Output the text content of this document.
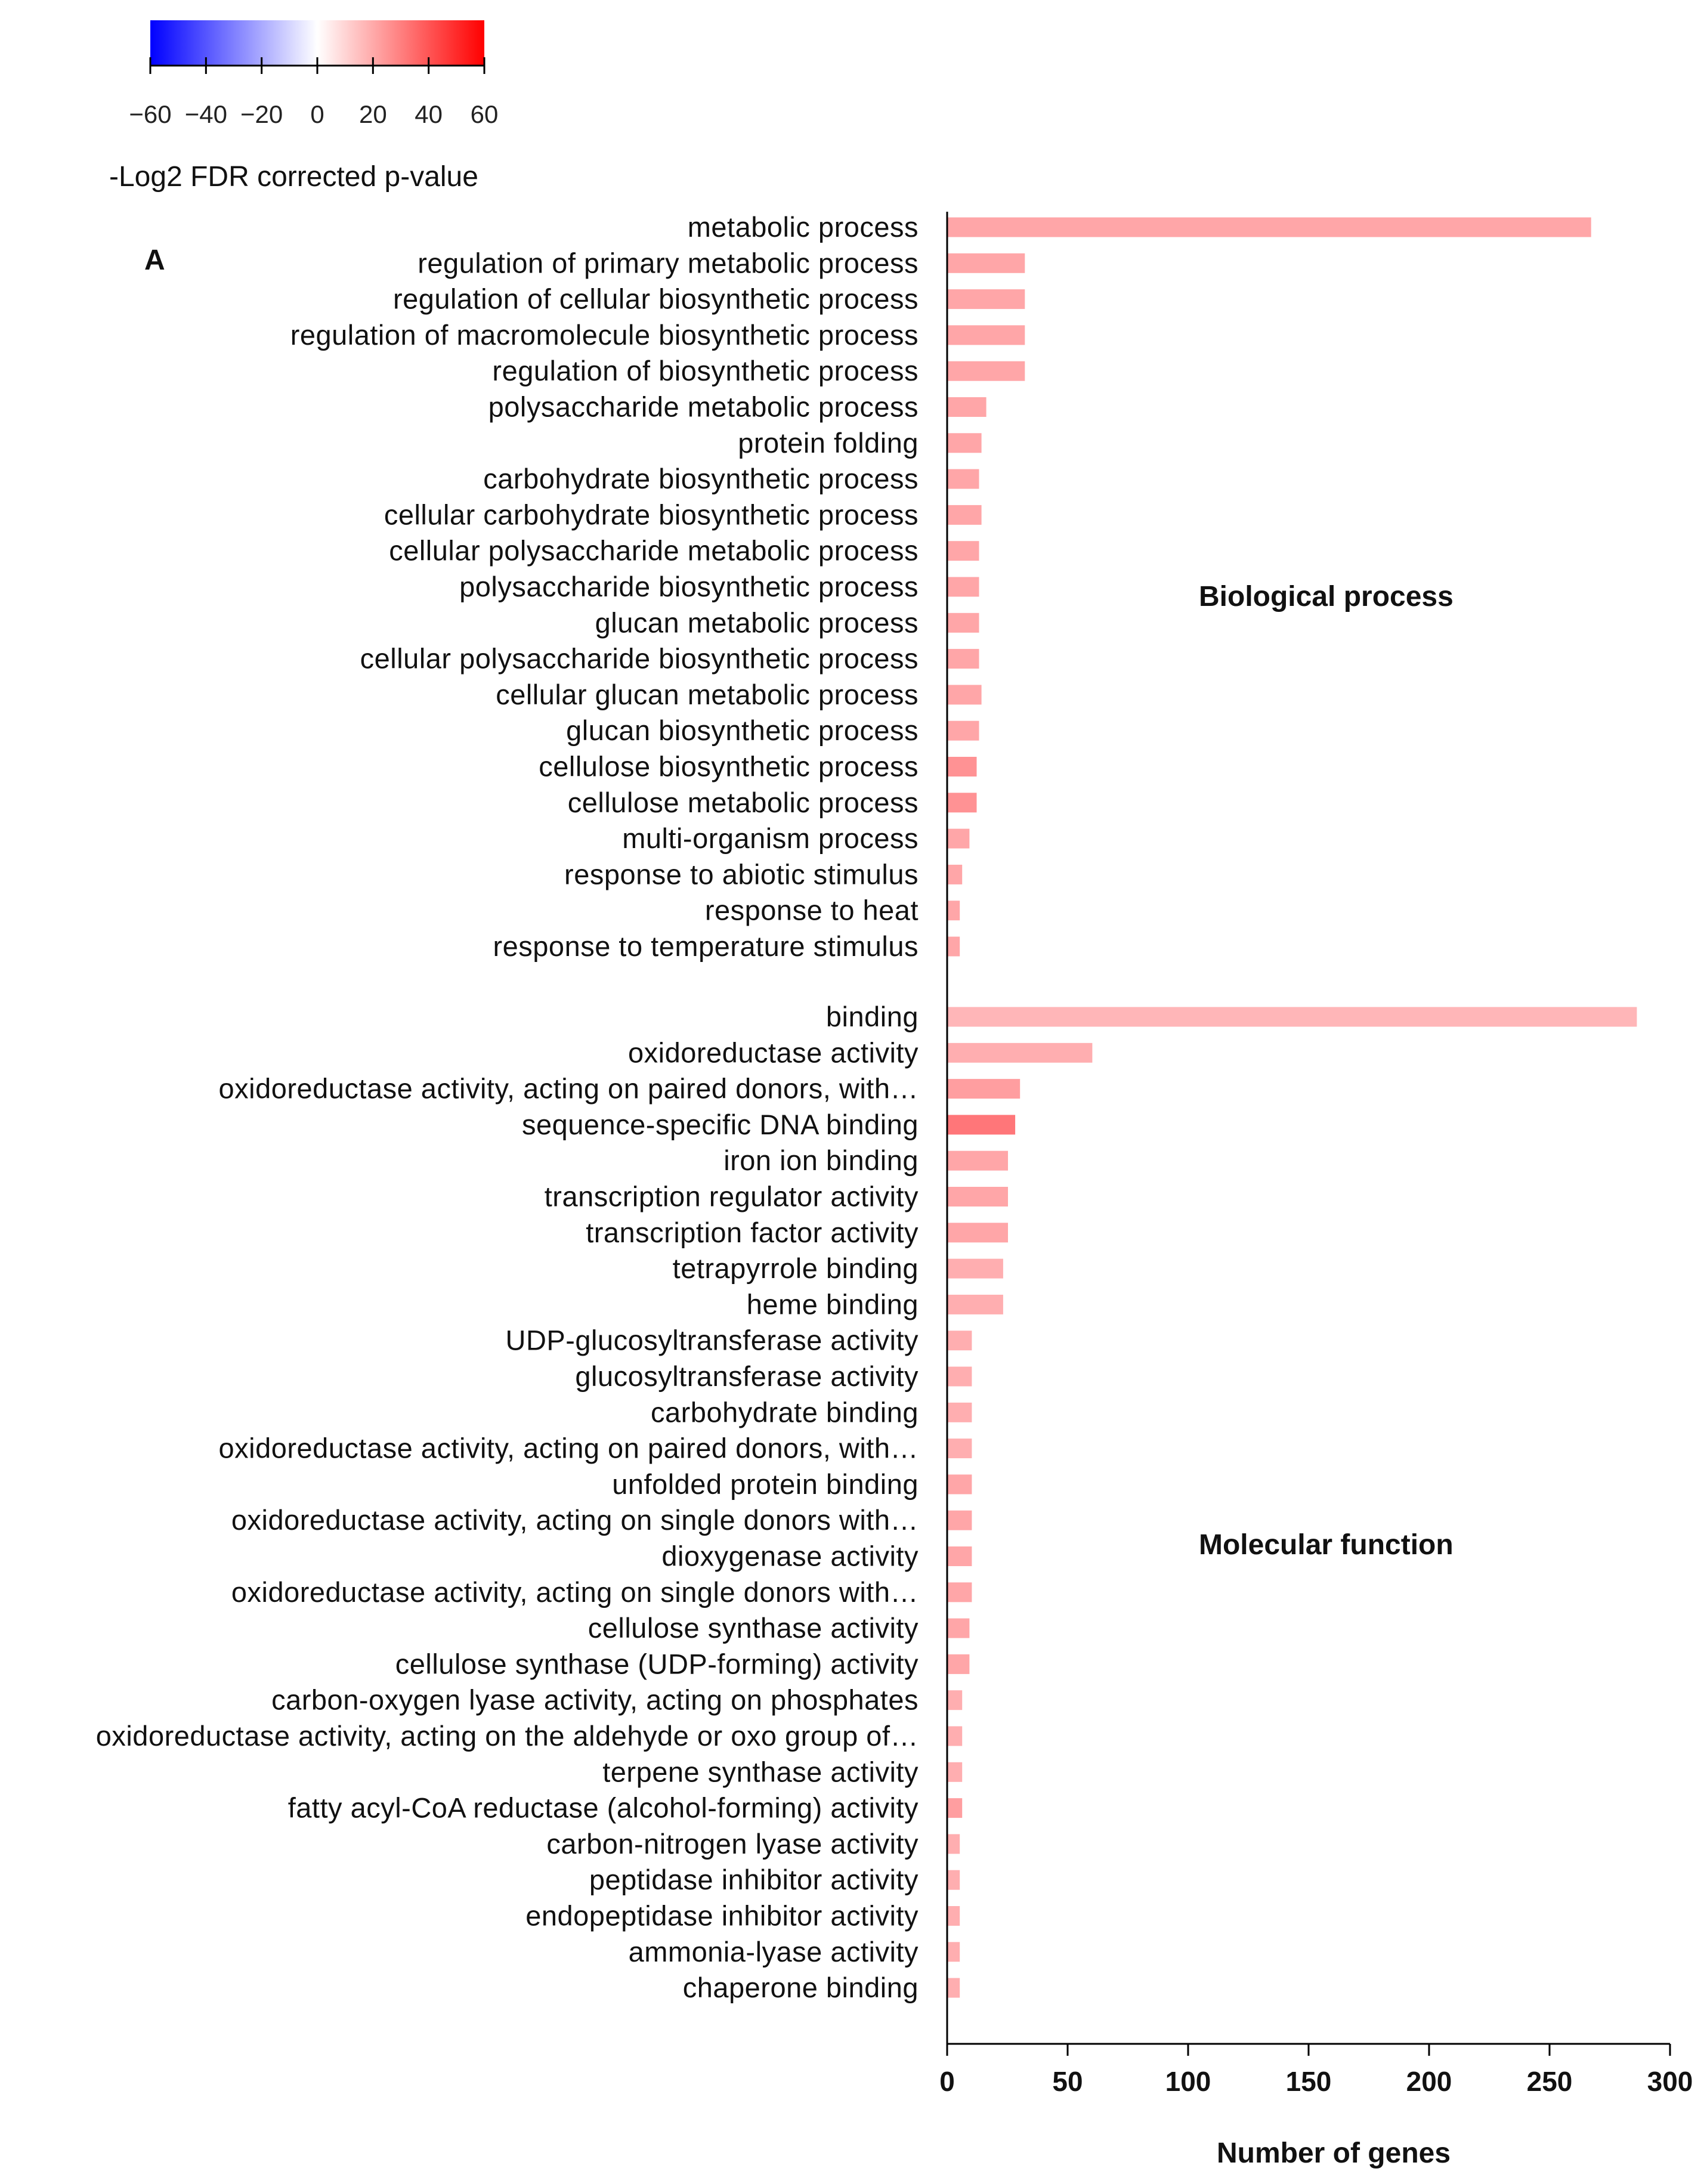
−60 −40 −20 0 20 40 60
-Log2 FDR corrected p-value
A
metabolic process
regulation of primary metabolic process
regulation of cellular biosynthetic process
regulation of macromolecule biosynthetic process
regulation of biosynthetic process
polysaccharide metabolic process
protein folding
carbohydrate biosynthetic process
cellular carbohydrate biosynthetic process
cellular polysaccharide metabolic process
polysaccharide biosynthetic process
glucan metabolic process
cellular polysaccharide biosynthetic process
cellular glucan metabolic process
glucan biosynthetic process
cellulose biosynthetic process
cellulose metabolic process
multi-organism process
response to abiotic stimulus
response to heat
response to temperature stimulus
binding
oxidoreductase activity
oxidoreductase activity, acting on paired donors, with…
sequence-specific DNA binding
iron ion binding
transcription regulator activity
transcription factor activity
tetrapyrrole binding
heme binding
UDP-glucosyltransferase activity
glucosyltransferase activity
carbohydrate binding
oxidoreductase activity, acting on paired donors, with…
unfolded protein binding
oxidoreductase activity, acting on single donors with…
dioxygenase activity
oxidoreductase activity, acting on single donors with…
cellulose synthase activity
cellulose synthase (UDP-forming) activity
carbon-oxygen lyase activity, acting on phosphates
oxidoreductase activity, acting on the aldehyde or oxo group of…
terpene synthase activity
fatty acyl-CoA reductase (alcohol-forming) activity
carbon-nitrogen lyase activity
peptidase inhibitor activity
endopeptidase inhibitor activity
ammonia-lyase activity
chaperone binding
Biological process
Molecular function
0	50	100	150	200	250	300
Number of genes
